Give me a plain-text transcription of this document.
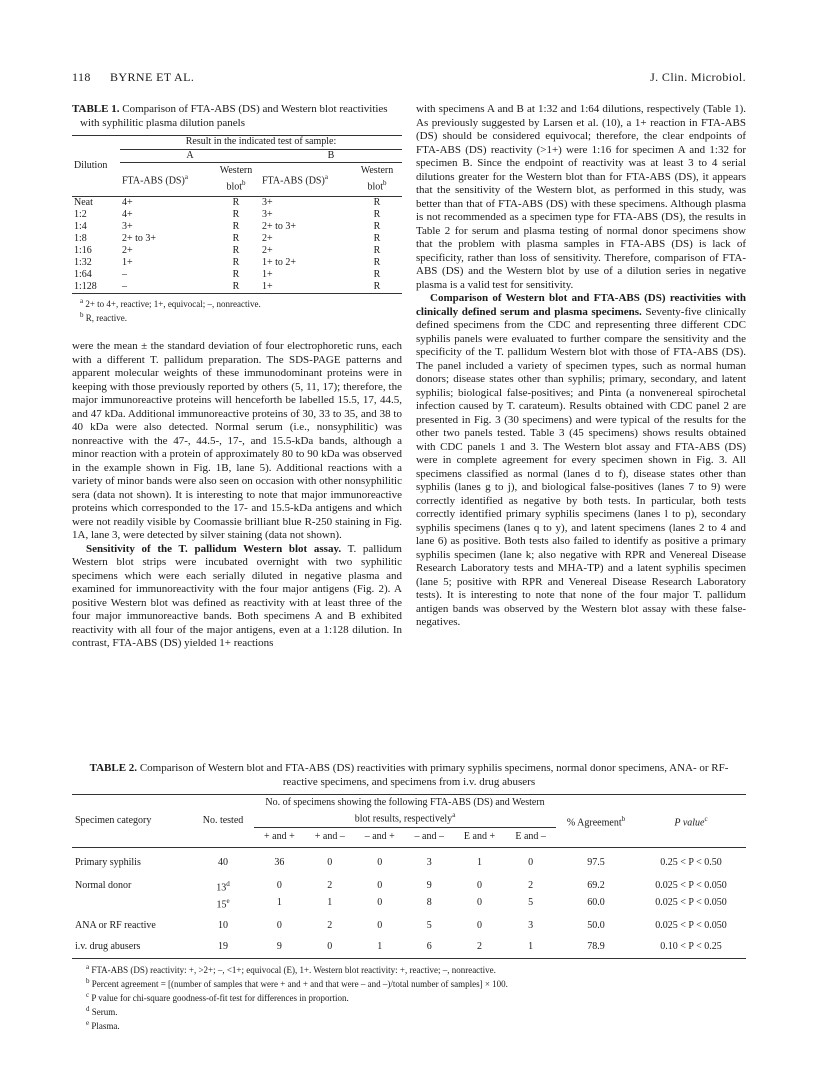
118 BYRNE ET AL.	J. Clin. Microbiol.
TABLE 1. Comparison of FTA-ABS (DS) and Western blot reactivities with syphilitic plasma dilution panels
Dilution	Result in the indicated test of sample:			
	A		B	
	FTA-ABS (DS)$^a$	Western
blot$^b$	FTA-ABS (DS)$^a$	Western
blot$^b$
Neat	4+	R	3+	R
1:2	4+	R	3+	R
1:4	3+	R	2+ to 3+	R
1:8	2+ to 3+	R	2+	R
1:16	2+	R	2+	R
1:32	1+	R	1+ to 2+	R
1:64	–	R	1+	R
1:128	–	R	1+	R
$^a$ 2+ to 4+, reactive; 1+, equivocal; –, nonreactive.
$^b$ R, reactive.

were the mean ± the standard deviation of four electrophoretic runs, each with a different T. pallidum preparation. The SDS-PAGE patterns and apparent molecular weights of these immunodominant proteins were in keeping with those previously reported by others (5, 11, 17); therefore, the major immunoreactive proteins will henceforth be labelled 15.5, 17, 44.5, and 47 kDa. Additional immunoreactive proteins of 30, 33 to 35, and 38 to 40 kDa were also detected. Normal serum (i.e., nonsyphilitic) was nonreactive with the 47-, 44.5-, 17-, and 15.5-kDa bands, although a minor reaction with a protein of approximately 80 to 90 kDa was observed in the example shown in Fig. 1B, lane 5). Additional reactions with a variety of minor bands were also seen on occasion with other nonsyphilitic sera (data not shown). It is interesting to note that major immunoreactive proteins which corresponded to the 17- and 15.5-kDa antigens and which were not readily visible by Coomassie brilliant blue R-250 staining in Fig. 1A, lane 3, were detected by silver staining (data not shown).

Sensitivity of the T. pallidum Western blot assay. T. pallidum Western blot strips were incubated overnight with two syphilitic specimens which were each serially diluted in negative plasma and examined for immunoreactivity with the four major antigens (Fig. 2). A positive Western blot was defined as reactivity with at least three of the four major immunoreactive bands. Both specimens A and B exhibited reactivity with all four of the major antigens, even at a 1:128 dilution. In contrast, FTA-ABS (DS) yielded 1+ reactions

with specimens A and B at 1:32 and 1:64 dilutions, respectively (Table 1). As previously suggested by Larsen et al. (10), a 1+ reaction in FTA-ABS (DS) should be considered equivocal; therefore, the clear endpoints of FTA-ABS (DS) reactivity (>1+) were 1:16 for specimen A and 1:32 for specimen B. Since the endpoint of reactivity was at least 3 to 4 serial dilutions greater for the Western blot than for FTA-ABS (DS), it appears that the sensitivity of the Western blot, as performed in this study, was better than that of FTA-ABS (DS) with these specimens. Although plasma is not recommended as a specimen type for FTA-ABS (DS), the results in Table 2 for serum and plasma testing of normal donor specimens show that the problem with plasma samples in FTA-ABS (DS) is lack of specificity, rather than loss of sensitivity. Therefore, comparison of FTA-ABS (DS) and the Western blot by use of a dilution series in negative plasma is a valid test for sensitivity.

Comparison of Western blot and FTA-ABS (DS) reactivities with clinically defined serum and plasma specimens. Seventy-five clinically defined specimens from the CDC and representing three different CDC syphilis panels were evaluated to further compare the sensitivity and the specificity of the T. pallidum Western blot with those of FTA-ABS (DS). The panel included a variety of specimen types, such as normal human donors; disease states other than syphilis; primary, secondary, and latent syphilis; biological false-positives; and Pinta (a nonvenereal spirochetal infection caused by T. carateum). Results obtained with CDC panel 2 are presented in Fig. 3 (30 specimens) and were typical of the results for the other two panels tested. Table 3 (45 specimens) shows results obtained with CDC panels 1 and 3. The Western blot assay and FTA-ABS (DS) were in complete agreement for every specimen shown in Fig. 3. All specimens classified as normal (lanes d to f), disease states other than syphilis (lanes g to j), and biological false-positives (lanes 7 to 9) were correctly identified as negative by both tests. In particular, both tests correctly identified primary syphilis specimens (lanes l to p), secondary syphilis specimens (lanes q to y), and latent specimens (lanes 2 to 4 and lane 6) as positive. Both tests also failed to identify as positive a primary syphilis specimen (lane k; also negative with RPR and Venereal Disease Research Laboratory tests and MHA-TP) and a latent syphilis specimen (lane 5; positive with RPR and Venereal Disease Research Laboratory tests). It is interesting to note that none of the four major T. pallidum antigen bands was observed by the Western blot assay with these false-negatives.

TABLE 2. Comparison of Western blot and FTA-ABS (DS) reactivities with primary syphilis specimens, normal donor specimens, ANA- or RF-reactive specimens, and specimens from i.v. drug abusers
Specimen category	No. tested	No. of specimens showing the following FTA-ABS (DS) and Western
blot results, respectively$^a$						% Agreement$^b$	P value$^c$
		+ and +	+ and –	– and +	– and –	E and +	E and –		
Primary syphilis	40	36	0	0	3	1	0	97.5	0.25 < P < 0.50
Normal donor	13$^d$	0	2	0	9	0	2	69.2	0.025 < P < 0.050
	15e	1	1	0	8	0	5	60.0	0.025 < P < 0.050
ANA or RF reactive	10	0	2	0	5	0	3	50.0	0.025 < P < 0.050
i.v. drug abusers	19	9	0	1	6	2	1	78.9	0.10 < P < 0.25
$^a$ FTA-ABS (DS) reactivity: +, >2+; –, <1+; equivocal (E), 1+. Western blot reactivity: +, reactive; –, nonreactive.
$^b$ Percent agreement = [(number of samples that were + and + and that were – and –)/total number of samples] × 100.
$^c$ P value for chi-square goodness-of-fit test for differences in proportion.
$^d$ Serum.
$^e$ Plasma.
